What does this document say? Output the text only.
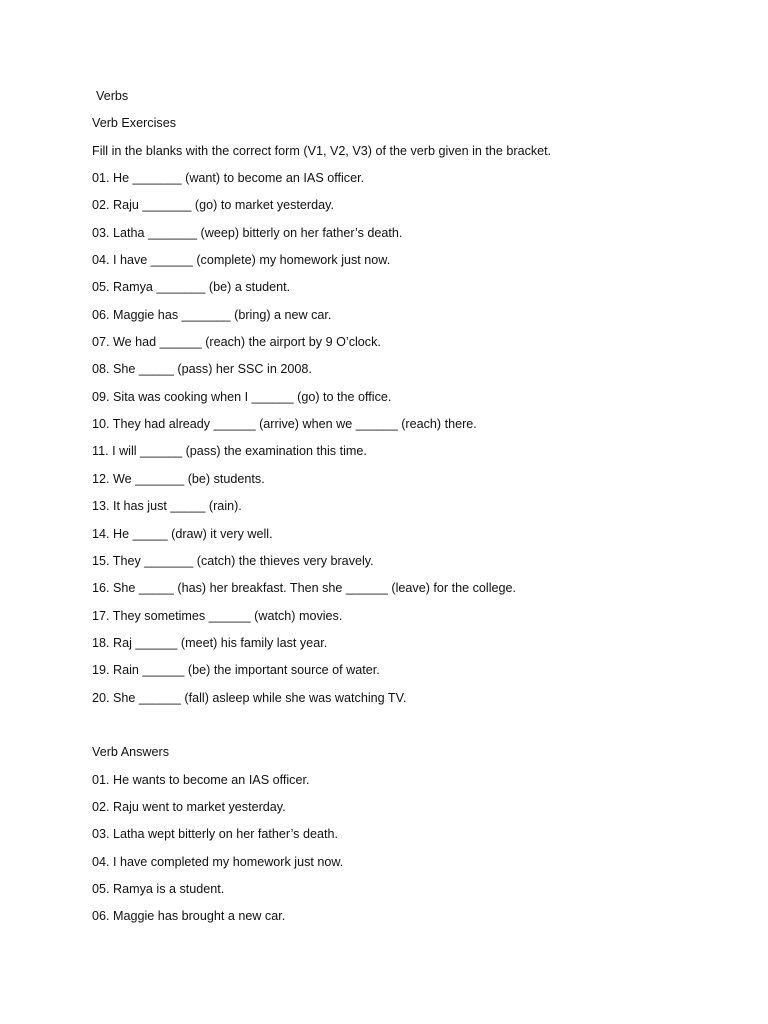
Verbs
Verb Exercises
Fill in the blanks with the correct form (V1, V2, V3) of the verb given in the bracket.
01. He _______ (want) to become an IAS officer.
02. Raju _______ (go) to market yesterday.
03. Latha _______ (weep) bitterly on her father’s death.
04. I have ______ (complete) my homework just now.
05. Ramya _______ (be) a student.
06. Maggie has _______ (bring) a new car.
07. We had ______ (reach) the airport by 9 O’clock.
08. She _____ (pass) her SSC in 2008.
09. Sita was cooking when I ______ (go) to the office.
10. They had already ______ (arrive) when we ______ (reach) there.
11. I will ______ (pass) the examination this time.
12. We _______ (be) students.
13. It has just _____ (rain).
14. He _____ (draw) it very well.
15. They _______ (catch) the thieves very bravely.
16. She _____ (has) her breakfast. Then she ______ (leave) for the college.
17. They sometimes ______ (watch) movies.
18. Raj ______ (meet) his family last year.
19. Rain ______ (be) the important source of water.
20. She ______ (fall) asleep while she was watching TV.
Verb Answers
01. He wants to become an IAS officer.
02. Raju went to market yesterday.
03. Latha wept bitterly on her father’s death.
04. I have completed my homework just now.
05. Ramya is a student.
06. Maggie has brought a new car.
